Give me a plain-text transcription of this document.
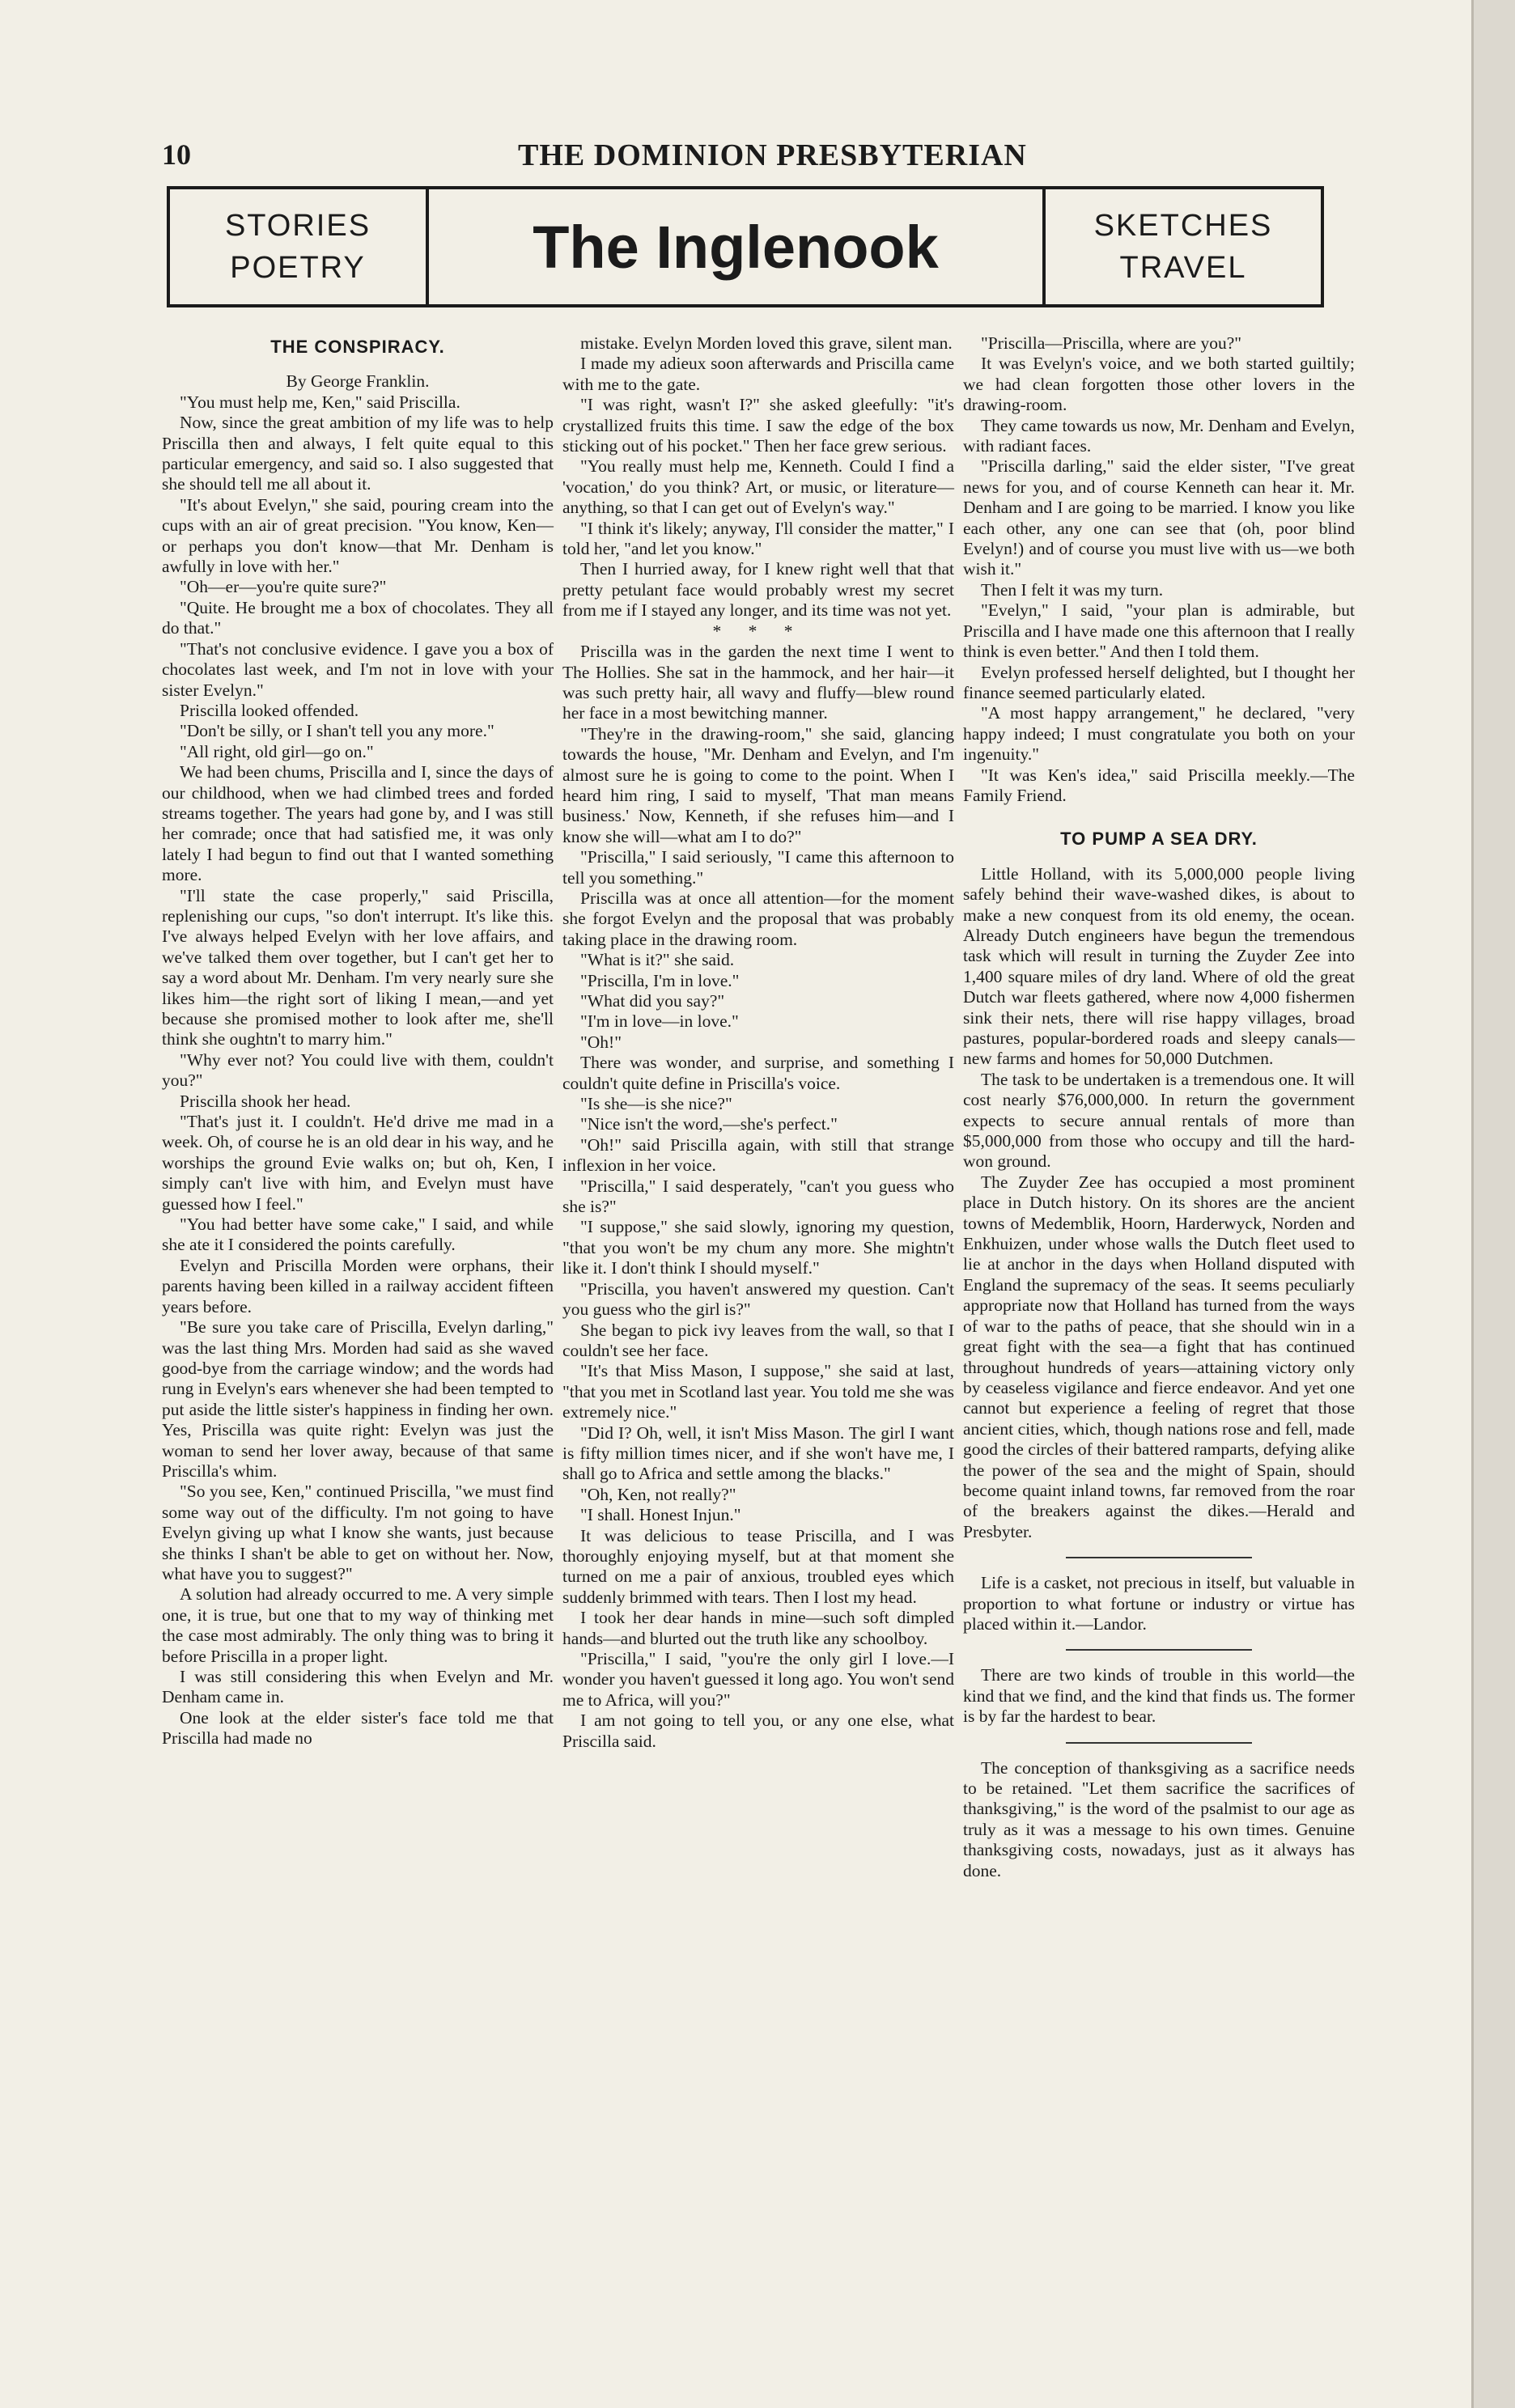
10	THE DOMINION PRESBYTERIAN
STORIES
POETRY	The Inglenook	SKETCHES
TRAVEL
THE CONSPIRACY.

By George Franklin.

"You must help me, Ken," said Priscilla.

Now, since the great ambition of my life was to help Priscilla then and always, I felt quite equal to this particular emergency, and said so. I also suggested that she should tell me all about it.

"It's about Evelyn," she said, pouring cream into the cups with an air of great precision. "You know, Ken—or perhaps you don't know—that Mr. Denham is awfully in love with her."

"Oh—er—you're quite sure?"

"Quite. He brought me a box of chocolates. They all do that."

"That's not conclusive evidence. I gave you a box of chocolates last week, and I'm not in love with your sister Evelyn."

Priscilla looked offended.

"Don't be silly, or I shan't tell you any more."

"All right, old girl—go on."

We had been chums, Priscilla and I, since the days of our childhood, when we had climbed trees and forded streams together. The years had gone by, and I was still her comrade; once that had satisfied me, it was only lately I had begun to find out that I wanted something more.

"I'll state the case properly," said Priscilla, replenishing our cups, "so don't interrupt. It's like this. I've always helped Evelyn with her love affairs, and we've talked them over together, but I can't get her to say a word about Mr. Denham. I'm very nearly sure she likes him—the right sort of liking I mean,—and yet because she promised mother to look after me, she'll think she oughtn't to marry him."

"Why ever not? You could live with them, couldn't you?"

Priscilla shook her head.

"That's just it. I couldn't. He'd drive me mad in a week. Oh, of course he is an old dear in his way, and he worships the ground Evie walks on; but oh, Ken, I simply can't live with him, and Evelyn must have guessed how I feel."

"You had better have some cake," I said, and while she ate it I considered the points carefully.

Evelyn and Priscilla Morden were orphans, their parents having been killed in a railway accident fifteen years before.

"Be sure you take care of Priscilla, Evelyn darling," was the last thing Mrs. Morden had said as she waved good-bye from the carriage window; and the words had rung in Evelyn's ears whenever she had been tempted to put aside the little sister's happiness in finding her own. Yes, Priscilla was quite right: Evelyn was just the woman to send her lover away, because of that same Priscilla's whim.

"So you see, Ken," continued Priscilla, "we must find some way out of the difficulty. I'm not going to have Evelyn giving up what I know she wants, just because she thinks I shan't be able to get on without her. Now, what have you to suggest?"

A solution had already occurred to me. A very simple one, it is true, but one that to my way of thinking met the case most admirably. The only thing was to bring it before Priscilla in a proper light.

I was still considering this when Evelyn and Mr. Denham came in.

One look at the elder sister's face told me that Priscilla had made no

mistake. Evelyn Morden loved this grave, silent man.

I made my adieux soon afterwards and Priscilla came with me to the gate.

"I was right, wasn't I?" she asked gleefully: "it's crystallized fruits this time. I saw the edge of the box sticking out of his pocket." Then her face grew serious.

"You really must help me, Kenneth. Could I find a 'vocation,' do you think? Art, or music, or literature—anything, so that I can get out of Evelyn's way."

"I think it's likely; anyway, I'll consider the matter," I told her, "and let you know."

Then I hurried away, for I knew right well that that pretty petulant face would probably wrest my secret from me if I stayed any longer, and its time was not yet.

* * *

Priscilla was in the garden the next time I went to The Hollies. She sat in the hammock, and her hair—it was such pretty hair, all wavy and fluffy—blew round her face in a most bewitching manner.

"They're in the drawing-room," she said, glancing towards the house, "Mr. Denham and Evelyn, and I'm almost sure he is going to come to the point. When I heard him ring, I said to myself, 'That man means business.' Now, Kenneth, if she refuses him—and I know she will—what am I to do?"

"Priscilla," I said seriously, "I came this afternoon to tell you something."

Priscilla was at once all attention—for the moment she forgot Evelyn and the proposal that was probably taking place in the drawing room.

"What is it?" she said.

"Priscilla, I'm in love."

"What did you say?"

"I'm in love—in love."

"Oh!"

There was wonder, and surprise, and something I couldn't quite define in Priscilla's voice.

"Is she—is she nice?"

"Nice isn't the word,—she's perfect."

"Oh!" said Priscilla again, with still that strange inflexion in her voice.

"Priscilla," I said desperately, "can't you guess who she is?"

"I suppose," she said slowly, ignoring my question, "that you won't be my chum any more. She mightn't like it. I don't think I should myself."

"Priscilla, you haven't answered my question. Can't you guess who the girl is?"

She began to pick ivy leaves from the wall, so that I couldn't see her face.

"It's that Miss Mason, I suppose," she said at last, "that you met in Scotland last year. You told me she was extremely nice."

"Did I? Oh, well, it isn't Miss Mason. The girl I want is fifty million times nicer, and if she won't have me, I shall go to Africa and settle among the blacks."

"Oh, Ken, not really?"

"I shall. Honest Injun."

It was delicious to tease Priscilla, and I was thoroughly enjoying myself, but at that moment she turned on me a pair of anxious, troubled eyes which suddenly brimmed with tears. Then I lost my head.

I took her dear hands in mine—such soft dimpled hands—and blurted out the truth like any schoolboy.

"Priscilla," I said, "you're the only girl I love.—I wonder you haven't guessed it long ago. You won't send me to Africa, will you?"

I am not going to tell you, or any one else, what Priscilla said.

"Priscilla—Priscilla, where are you?"

It was Evelyn's voice, and we both started guiltily; we had clean forgotten those other lovers in the drawing-room.

They came towards us now, Mr. Denham and Evelyn, with radiant faces.

"Priscilla darling," said the elder sister, "I've great news for you, and of course Kenneth can hear it. Mr. Denham and I are going to be married. I know you like each other, any one can see that (oh, poor blind Evelyn!) and of course you must live with us—we both wish it."

Then I felt it was my turn.

"Evelyn," I said, "your plan is admirable, but Priscilla and I have made one this afternoon that I really think is even better." And then I told them.

Evelyn professed herself delighted, but I thought her finance seemed particularly elated.

"A most happy arrangement," he declared, "very happy indeed; I must congratulate you both on your ingenuity."

"It was Ken's idea," said Priscilla meekly.—The Family Friend.

TO PUMP A SEA DRY.

Little Holland, with its 5,000,000 people living safely behind their wave-washed dikes, is about to make a new conquest from its old enemy, the ocean. Already Dutch engineers have begun the tremendous task which will result in turning the Zuyder Zee into 1,400 square miles of dry land. Where of old the great Dutch war fleets gathered, where now 4,000 fishermen sink their nets, there will rise happy villages, broad pastures, popular-bordered roads and sleepy canals—new farms and homes for 50,000 Dutchmen.

The task to be undertaken is a tremendous one. It will cost nearly $76,000,000. In return the government expects to secure annual rentals of more than $5,000,000 from those who occupy and till the hard-won ground.

The Zuyder Zee has occupied a most prominent place in Dutch history. On its shores are the ancient towns of Medemblik, Hoorn, Harderwyck, Norden and Enkhuizen, under whose walls the Dutch fleet used to lie at anchor in the days when Holland disputed with England the supremacy of the seas. It seems peculiarly appropriate now that Holland has turned from the ways of war to the paths of peace, that she should win in a great fight with the sea—a fight that has continued throughout hundreds of years—attaining victory only by ceaseless vigilance and fierce endeavor. And yet one cannot but experience a feeling of regret that those ancient cities, which, though nations rose and fell, made good the circles of their battered ramparts, defying alike the power of the sea and the might of Spain, should become quaint inland towns, far removed from the roar of the breakers against the dikes.—Herald and Presbyter.

Life is a casket, not precious in itself, but valuable in proportion to what fortune or industry or virtue has placed within it.—Landor.

There are two kinds of trouble in this world—the kind that we find, and the kind that finds us. The former is by far the hardest to bear.

The conception of thanksgiving as a sacrifice needs to be retained. "Let them sacrifice the sacrifices of thanksgiving," is the word of the psalmist to our age as truly as it was a message to his own times. Genuine thanksgiving costs, nowadays, just as it always has done.
